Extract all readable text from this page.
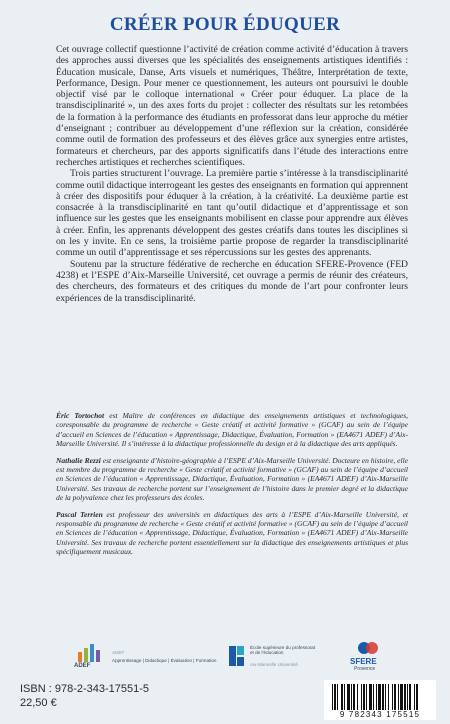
CRÉER POUR ÉDUQUER

Cet ouvrage collectif questionne l’activité de création comme activité d’éducation à travers des approches aussi diverses que les spécialités des enseignements artistiques identifiés : Éducation musicale, Danse, Arts visuels et numériques, Théâtre, Interprétation de texte, Performance, Design. Pour mener ce questionnement, les auteurs ont poursuivi le double objectif visé par le colloque international « Créer pour éduquer. La place de la transdisciplinarité », un des axes forts du projet : collecter des résultats sur les retombées de la formation à la performance des étudiants en professorat dans leur approche du métier d’enseignant ; contribuer au développement d’une réflexion sur la création, considérée comme outil de formation des professeurs et des élèves grâce aux synergies entre artistes, formateurs et chercheurs, par des apports significatifs dans l’étude des interactions entre recherches artistiques et recherches scientifiques.

Trois parties structurent l’ouvrage. La première partie s’intéresse à la transdisciplinarité comme outil didactique interrogeant les gestes des enseignants en formation qui apprennent à créer des dispositifs pour éduquer à la création, à la créativité. La deuxième partie est consacrée à la transdisciplinarité en tant qu’outil didactique et d’apprentissage et son influence sur les gestes que les enseignants mobilisent en classe pour apprendre aux élèves à créer. Enfin, les apprenants développent des gestes créatifs dans toutes les disciplines si on les y invite. En ce sens, la troisième partie propose de regarder la transdisciplinarité comme un outil d’apprentissage et ses répercussions sur les gestes des apprenants.

Soutenu par la structure fédérative de recherche en éducation SFERE-Provence (FED 4238) et l’ESPE d’Aix-Marseille Université, cet ouvrage a permis de réunir des créateurs, des chercheurs, des formateurs et des critiques du monde de l’art pour confronter leurs expériences de la transdisciplinarité.

Éric Tortochot est Maître de conférences en didactique des enseignements artistiques et technologiques, coresponsable du programme de recherche « Geste créatif et activité formative » (GCAF) au sein de l’équipe d’accueil en Sciences de l’éducation « Apprentissage, Didactique, Évaluation, Formation » (EA4671 ADEF) d’Aix-Marseille Université. Il s’intéresse à la didactique professionnelle du design et à la didactique des arts appliqués.

Nathalie Rezzi est enseignante d’histoire-géographie à l’ESPE d’Aix-Marseille Université. Docteure en histoire, elle est membre du programme de recherche « Geste créatif et activité formative » (GCAF) au sein de l’équipe d’accueil en Sciences de l’éducation « Apprentissage, Didactique, Évaluation, Formation » (EA4671 ADEF) d’Aix-Marseille Université. Ses travaux de recherche portent sur l’enseignement de l’histoire dans le premier degré et la didactique de la polyvalence chez les professeurs des écoles.

Pascal Terrien est professeur des universités en didactiques des arts à l’ESPE d’Aix-Marseille Université, et responsable du programme de recherche « Geste créatif et activité formative » (GCAF) au sein de l’équipe d’accueil en Sciences de l’éducation « Apprentissage, Didactique, Évaluation, Formation » (EA4671 ADEF) d’Aix-Marseille Université. Ses travaux de recherche portent essentiellement sur la didactique des enseignements artistiques et plus spécifiquement musicaux.

ADEF
Apprentissage | Didactique | Évaluation | Formation
ADEF
École supérieure du professorat et de l’éducation
Aix-Marseille Université	SFERE
Provence
ISBN : 978-2-343-17551-5
22,50 €
9 782343 175515
